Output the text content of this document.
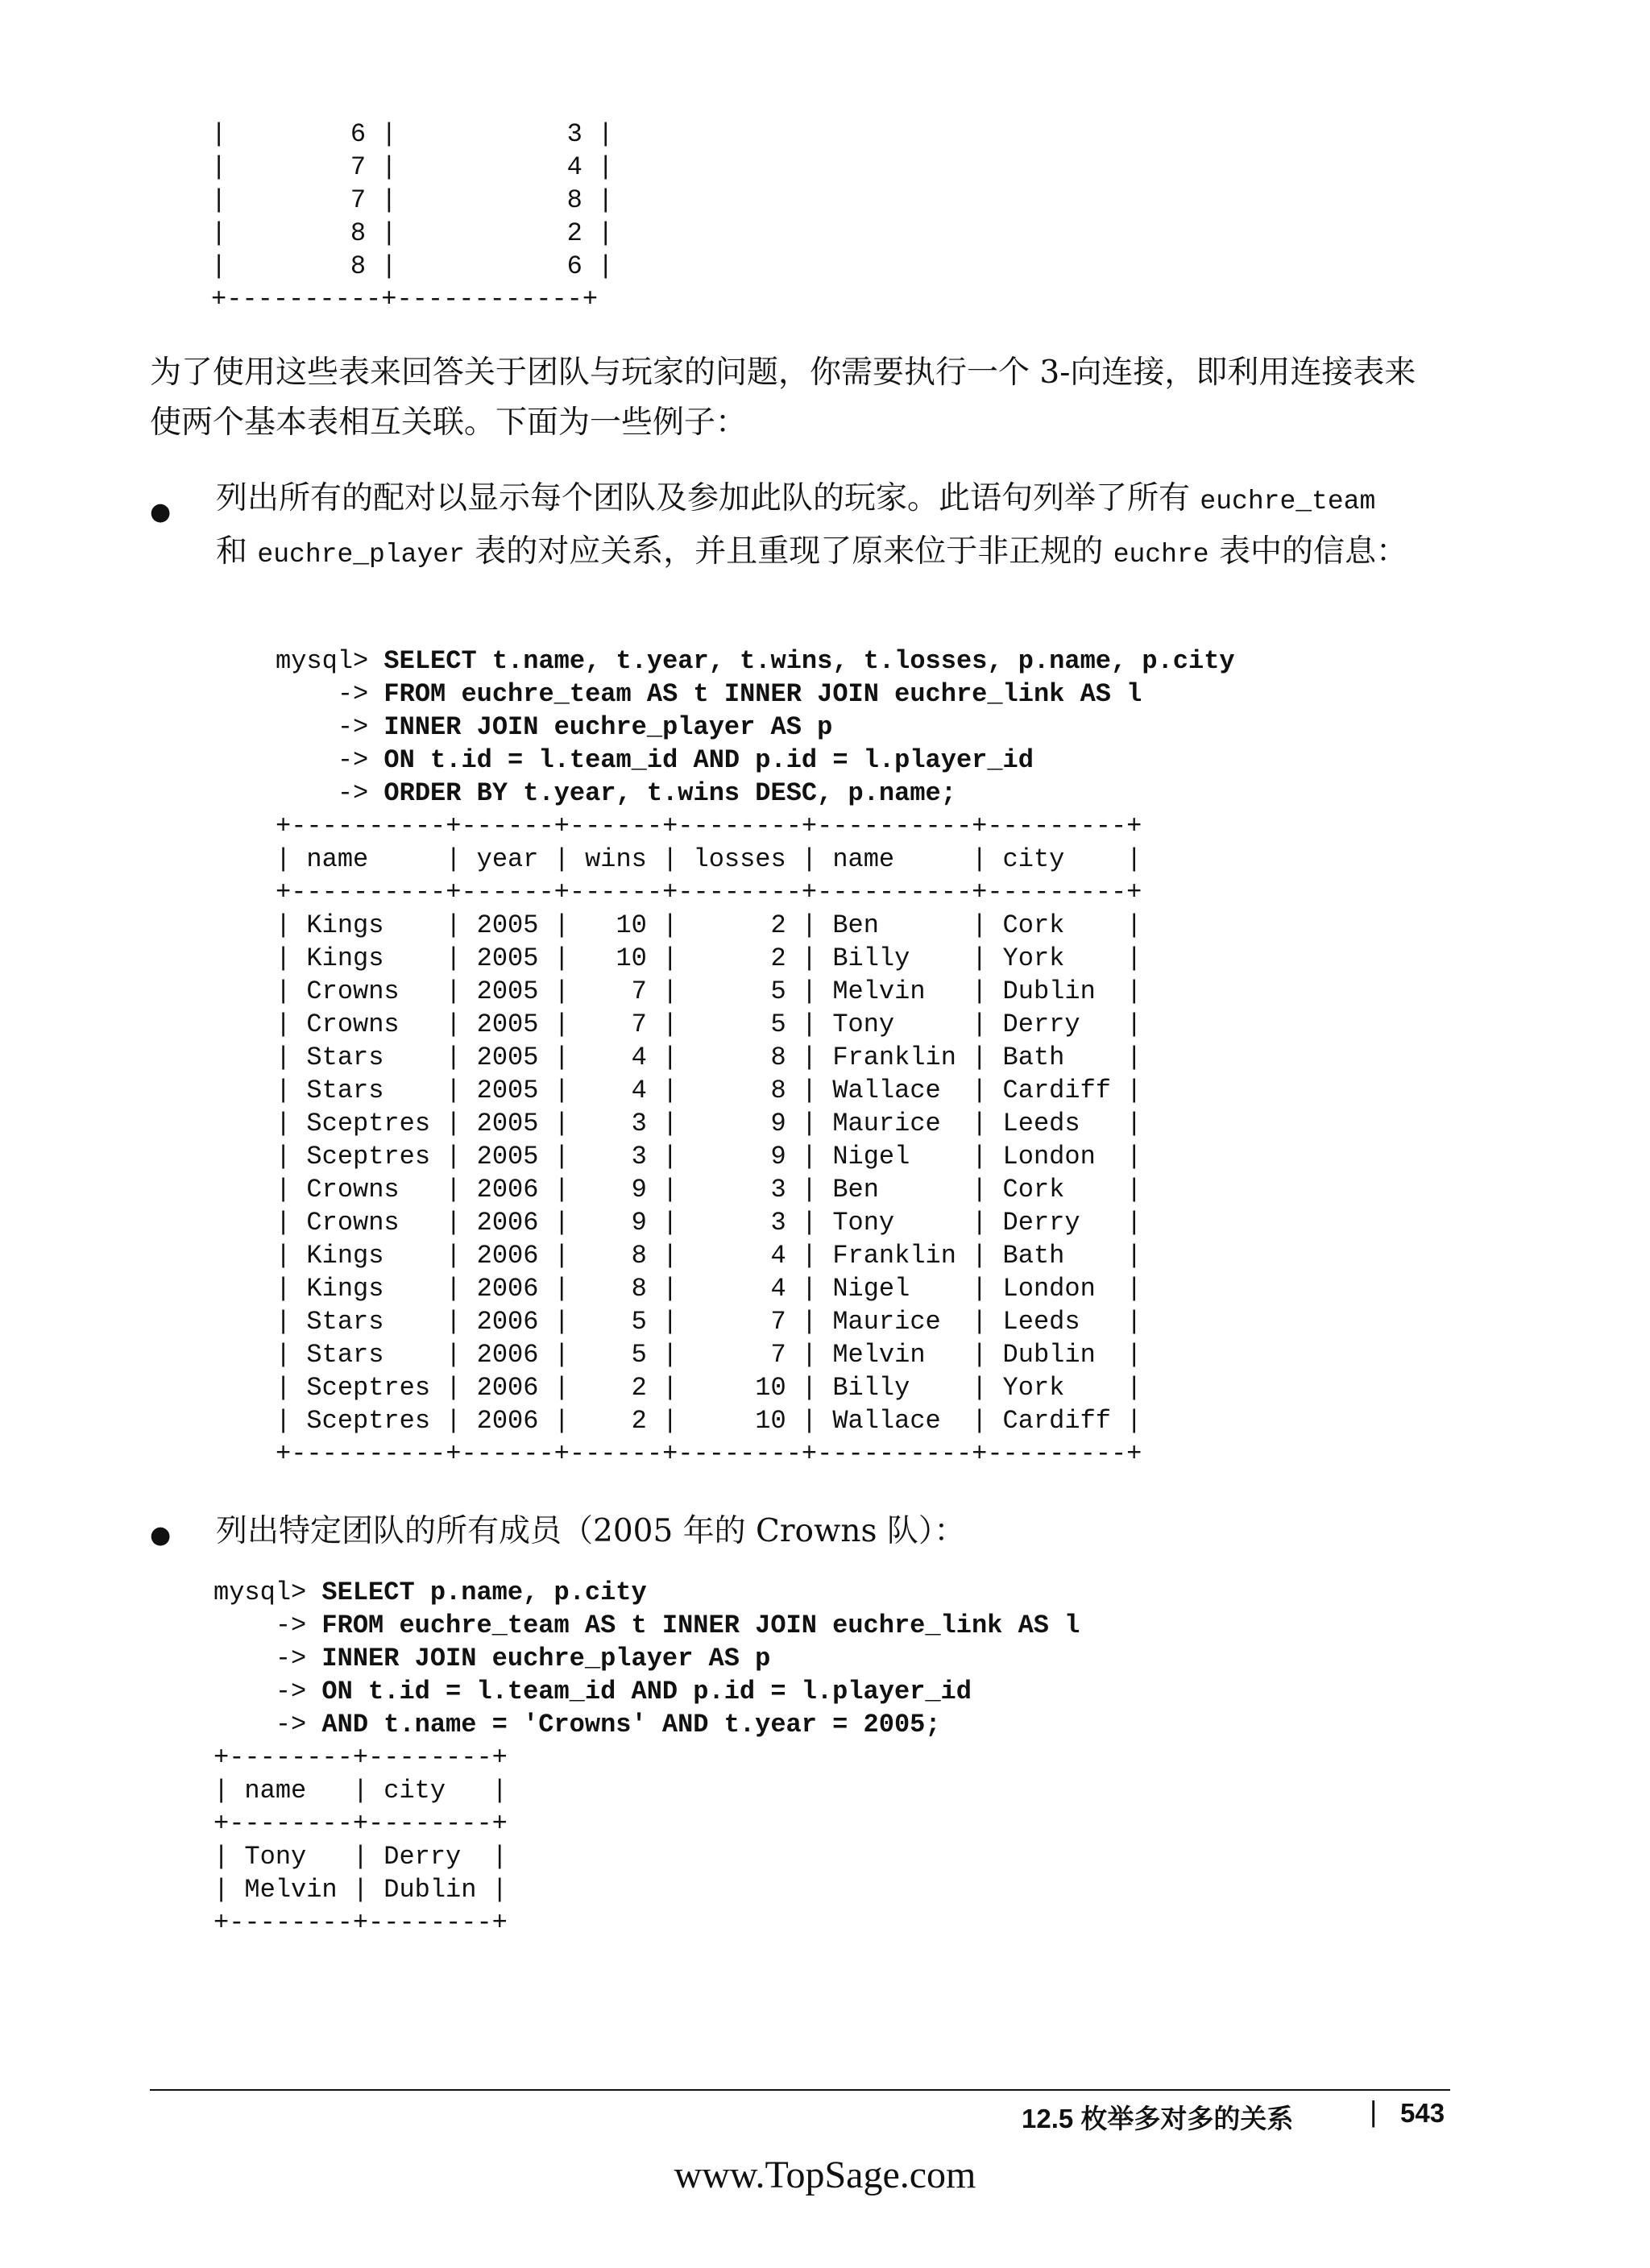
|        6 |           3 |
|        7 |           4 |
|        7 |           8 |
|        8 |           2 |
|        8 |           6 |
+----------+------------+

为了使用这些表来回答关于团队与玩家的问题，你需要执行一个 3-向连接，即利用连接表来使两个基本表相互关联。下面为一些例子：

● 列出所有的配对以显示每个团队及参加此队的玩家。此语句列举了所有 euchre_team
和 euchre_player 表的对应关系，并且重现了原来位于非正规的 euchre 表中的信息：

mysql> SELECT t.name, t.year, t.wins, t.losses, p.name, p.city
-> FROM euchre_team AS t INNER JOIN euchre_link AS l
-> INNER JOIN euchre_player AS p
-> ON t.id = l.team_id AND p.id = l.player_id
-> ORDER BY t.year, t.wins DESC, p.name;
+----------+------+------+--------+----------+---------+
| name     | year | wins | losses | name     | city    |
+----------+------+------+--------+----------+---------+
| Kings    | 2005 |   10 |      2 | Ben      | Cork    |
| Kings    | 2005 |   10 |      2 | Billy    | York    |
| Crowns   | 2005 |    7 |      5 | Melvin   | Dublin  |
| Crowns   | 2005 |    7 |      5 | Tony     | Derry   |
| Stars    | 2005 |    4 |      8 | Franklin | Bath    |
| Stars    | 2005 |    4 |      8 | Wallace  | Cardiff |
| Sceptres | 2005 |    3 |      9 | Maurice  | Leeds   |
| Sceptres | 2005 |    3 |      9 | Nigel    | London  |
| Crowns   | 2006 |    9 |      3 | Ben      | Cork    |
| Crowns   | 2006 |    9 |      3 | Tony     | Derry   |
| Kings    | 2006 |    8 |      4 | Franklin | Bath    |
| Kings    | 2006 |    8 |      4 | Nigel    | London  |
| Stars    | 2006 |    5 |      7 | Maurice  | Leeds   |
| Stars    | 2006 |    5 |      7 | Melvin   | Dublin  |
| Sceptres | 2006 |    2 |     10 | Billy    | York    |
| Sceptres | 2006 |    2 |     10 | Wallace  | Cardiff |
+----------+------+------+--------+----------+---------+
● 列出特定团队的所有成员（2005 年的 Crowns 队）：

mysql> SELECT p.name, p.city
-> FROM euchre_team AS t INNER JOIN euchre_link AS l
-> INNER JOIN euchre_player AS p
-> ON t.id = l.team_id AND p.id = l.player_id
-> AND t.name = 'Crowns' AND t.year = 2005;
+--------+--------+
| name   | city   |
+--------+--------+
| Tony   | Derry  |
| Melvin | Dublin |
+--------+--------+
12.5 枚举多对多的关系	| 543
www.TopSage.com
